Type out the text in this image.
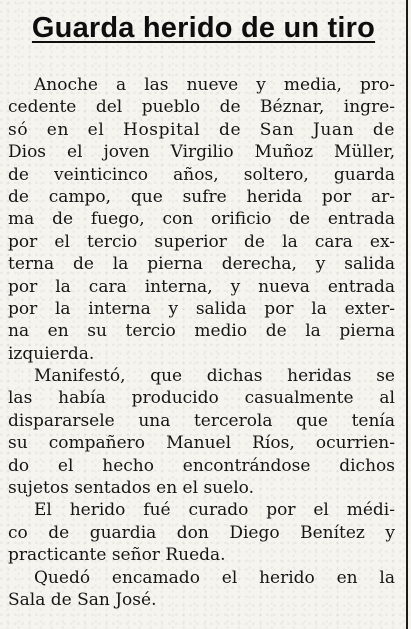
Guarda herido de un tiro
Anoche a las nueve y media, pro-
cedente del pueblo de Béznar, ingre-
só en el Hospital de San Juan de
Dios el joven Virgilio Muñoz Müller,
de veinticinco años, soltero, guarda
de campo, que sufre herida por ar-
ma de fuego, con orificio de entrada
por el tercio superior de la cara ex-
terna de la pierna derecha, y salida
por la cara interna, y nueva entrada
por la interna y salida por la exter-
na en su tercio medio de la pierna
izquierda.
Manifestó, que dichas heridas se
las había producido casualmente al
dispararsele una tercerola que tenía
su compañero Manuel Ríos, ocurrien-
do el hecho encontrándose dichos
sujetos sentados en el suelo.
El herido fué curado por el médi-
co de guardia don Diego Benítez y
practicante señor Rueda.
Quedó encamado el herido en la
Sala de San José.
